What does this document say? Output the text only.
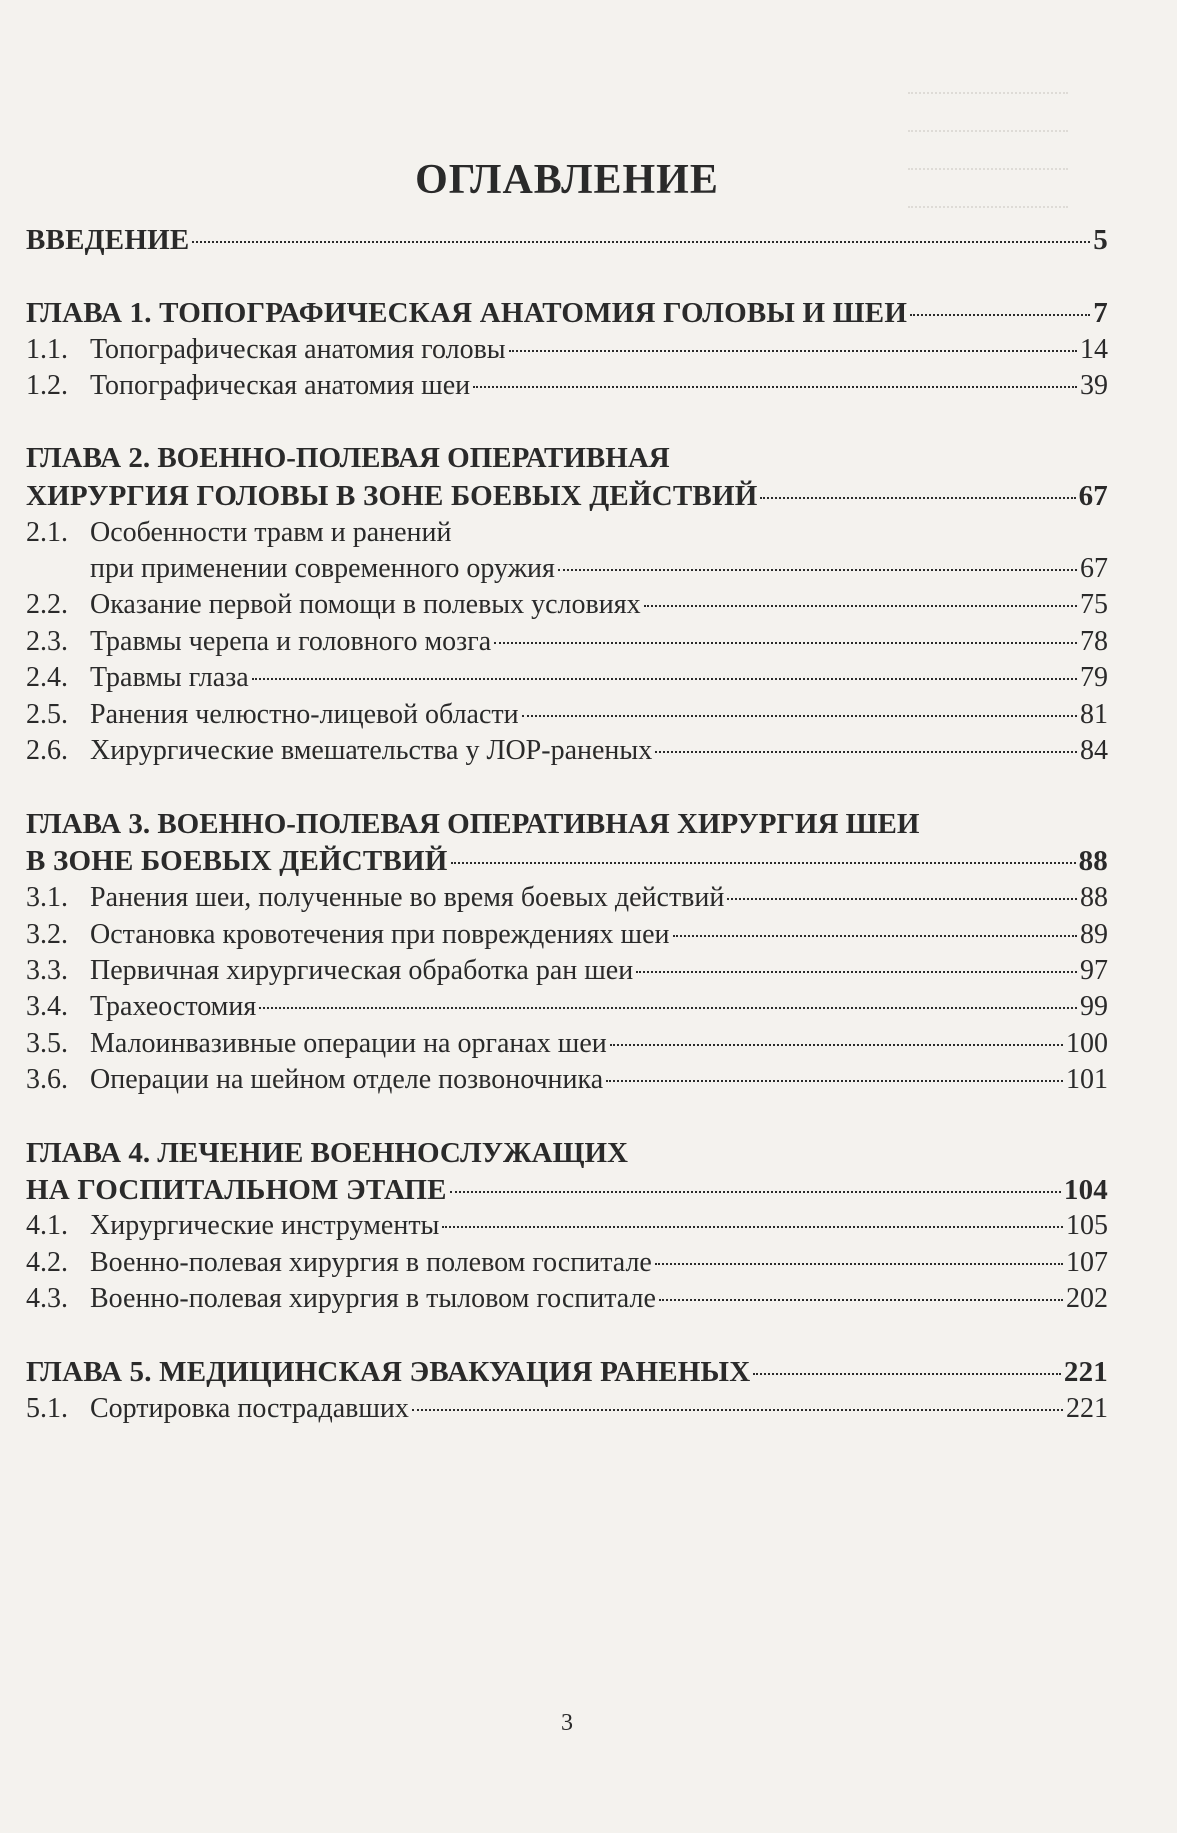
ОГЛАВЛЕНИЕ
ВВЕДЕНИЕ	5
ГЛАВА 1. ТОПОГРАФИЧЕСКАЯ АНАТОМИЯ ГОЛОВЫ И ШЕИ	7
1.1. Топографическая анатомия головы	14
1.2. Топографическая анатомия шеи	39
ГЛАВА 2. ВОЕННО-ПОЛЕВАЯ ОПЕРАТИВНАЯ
ХИРУРГИЯ ГОЛОВЫ В ЗОНЕ БОЕВЫХ ДЕЙСТВИЙ	67
2.1. Особенности травм и ранений
при применении современного оружия	67
2.2. Оказание первой помощи в полевых условиях	75
2.3. Травмы черепа и головного мозга	78
2.4. Травмы глаза	79
2.5. Ранения челюстно-лицевой области	81
2.6. Хирургические вмешательства у ЛОР-раненых	84
ГЛАВА 3. ВОЕННО-ПОЛЕВАЯ ОПЕРАТИВНАЯ ХИРУРГИЯ ШЕИ
В ЗОНЕ БОЕВЫХ ДЕЙСТВИЙ	88
3.1. Ранения шеи, полученные во время боевых действий	88
3.2. Остановка кровотечения при повреждениях шеи	89
3.3. Первичная хирургическая обработка ран шеи	97
3.4. Трахеостомия	99
3.5. Малоинвазивные операции на органах шеи	100
3.6. Операции на шейном отделе позвоночника	101
ГЛАВА 4. ЛЕЧЕНИЕ ВОЕННОСЛУЖАЩИХ
НА ГОСПИТАЛЬНОМ ЭТАПЕ	104
4.1. Хирургические инструменты	105
4.2. Военно-полевая хирургия в полевом госпитале	107
4.3. Военно-полевая хирургия в тыловом госпитале	202
ГЛАВА 5. МЕДИЦИНСКАЯ ЭВАКУАЦИЯ РАНЕНЫХ	221
5.1. Сортировка пострадавших	221
3
